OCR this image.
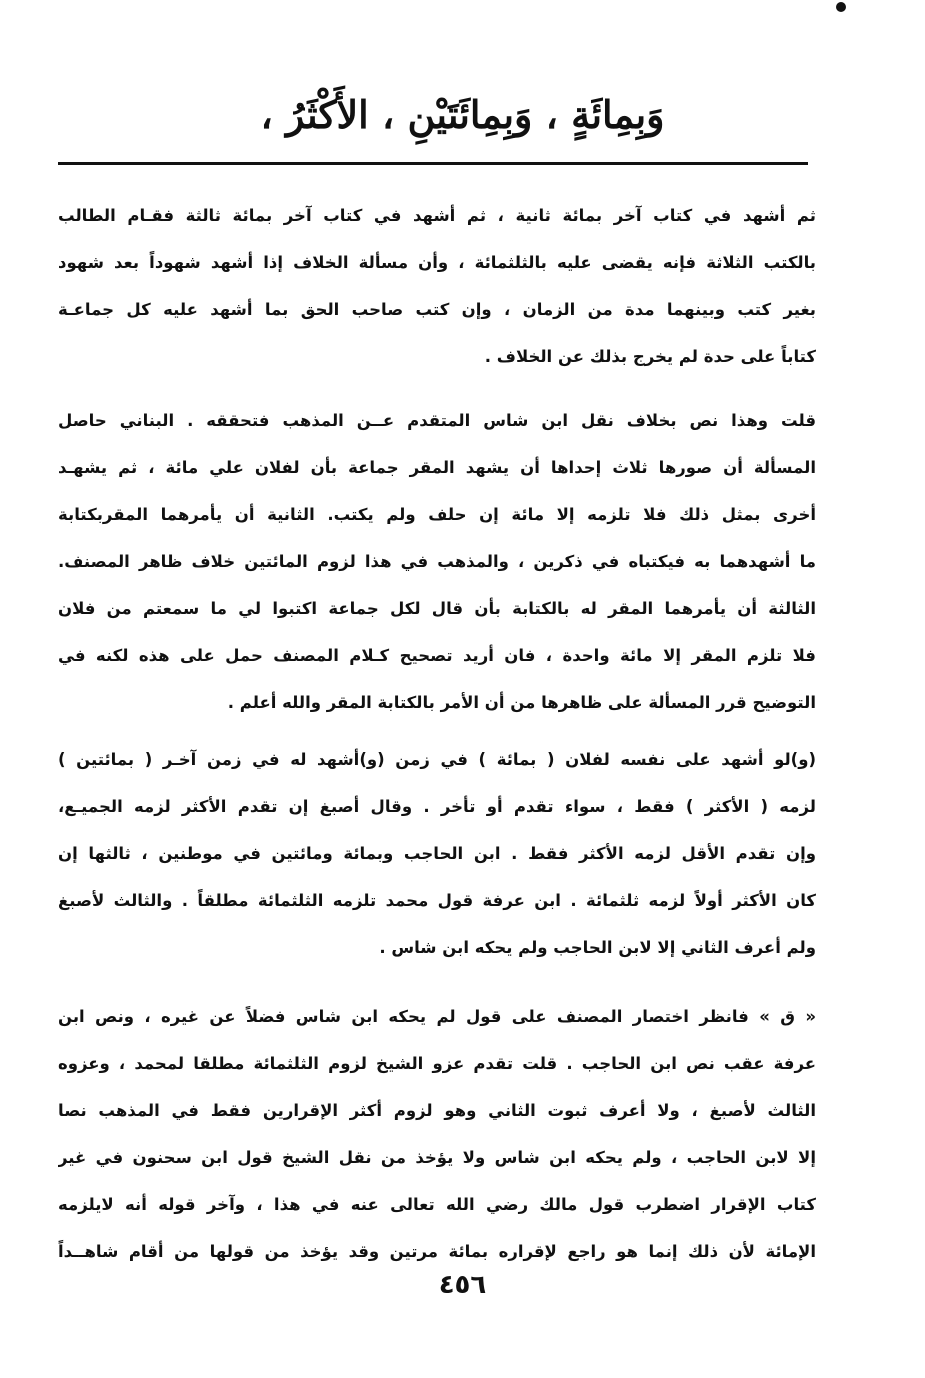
وَبِمِائَةٍ ، وَبِمِائَتَيْنِ ، الأَكْثَرُ ،
ثم أشهد في كتاب آخر بمائة ثانية ، ثم أشهد في كتاب آخر بمائة ثالثة فقـام الطالب
بالكتب الثلاثة فإنه يقضى عليه بالثلثمائة ، وأن مسألة الخلاف إذا أشهد شهوداً بعد شهود
بغير كتب وبينهما مدة من الزمان ، وإن كتب صاحب الحق بما أشهد عليه كل جماعـة
كتاباً على حدة لم يخرج بذلك عن الخلاف .
قلت وهذا نص بخلاف نقل ابن شاس المتقدم عــن المذهب فتحققه . البناني حاصل
المسألة أن صورها ثلاث إحداها أن يشهد المقر جماعة بأن لفلان علي مائة ، ثم يشهـد
أخرى بمثل ذلك فلا تلزمه إلا مائة إن حلف ولم يكتب. الثانية أن يأمرهما المقربكتابة
ما أشهدهما به فيكتباه في ذكرين ، والمذهب في هذا لزوم المائتين خلاف ظاهر المصنف.
الثالثة أن يأمرهما المقر له بالكتابة بأن قال لكل جماعة اكتبوا لي ما سمعتم من فلان
فلا تلزم المقر إلا مائة واحدة ، فان أريد تصحيح كـلام المصنف حمل على هذه لكنه في
التوضيح قرر المسألة على ظاهرها من أن الأمر بالكتابة المقر والله أعلم .
(و)لو أشهد على نفسه لفلان ( بمائة ) في زمن (و)أشهد له في زمن آخـر ( بمائتين )
لزمه ( الأكثر ) فقط ، سواء تقدم أو تأخر . وقال أصبغ إن تقدم الأكثر لزمه الجميـع،
وإن تقدم الأقل لزمه الأكثر فقط . ابن الحاجب وبمائة ومائتين في موطنين ، ثالثها إن
كان الأكثر أولاً لزمه ثلثمائة . ابن عرفة قول محمد تلزمه الثلثمائة مطلقاً . والثالث لأصبغ
ولم أعرف الثاني إلا لابن الحاجب ولم يحكه ابن شاس .
« ق » فانظر اختصار المصنف على قول لم يحكه ابن شاس فضلاً عن غيره ، ونص ابن
عرفة عقب نص ابن الحاجب . قلت تقدم عزو الشيخ لزوم الثلثمائة مطلقا لمحمد ، وعزوه
الثالث لأصبغ ، ولا أعرف ثبوت الثاني وهو لزوم أكثر الإقرارين فقط في المذهب نصا
إلا لابن الحاجب ، ولم يحكه ابن شاس ولا يؤخذ من نقل الشيخ قول ابن سحنون في غير
كتاب الإقرار اضطرب قول مالك رضي الله تعالى عنه في هذا ، وآخر قوله أنه لايلزمه
الإمائة لأن ذلك إنما هو راجع لإقراره بمائة مرتين وقد يؤخذ من قولها من أقام شاهــداً
٤٥٦
